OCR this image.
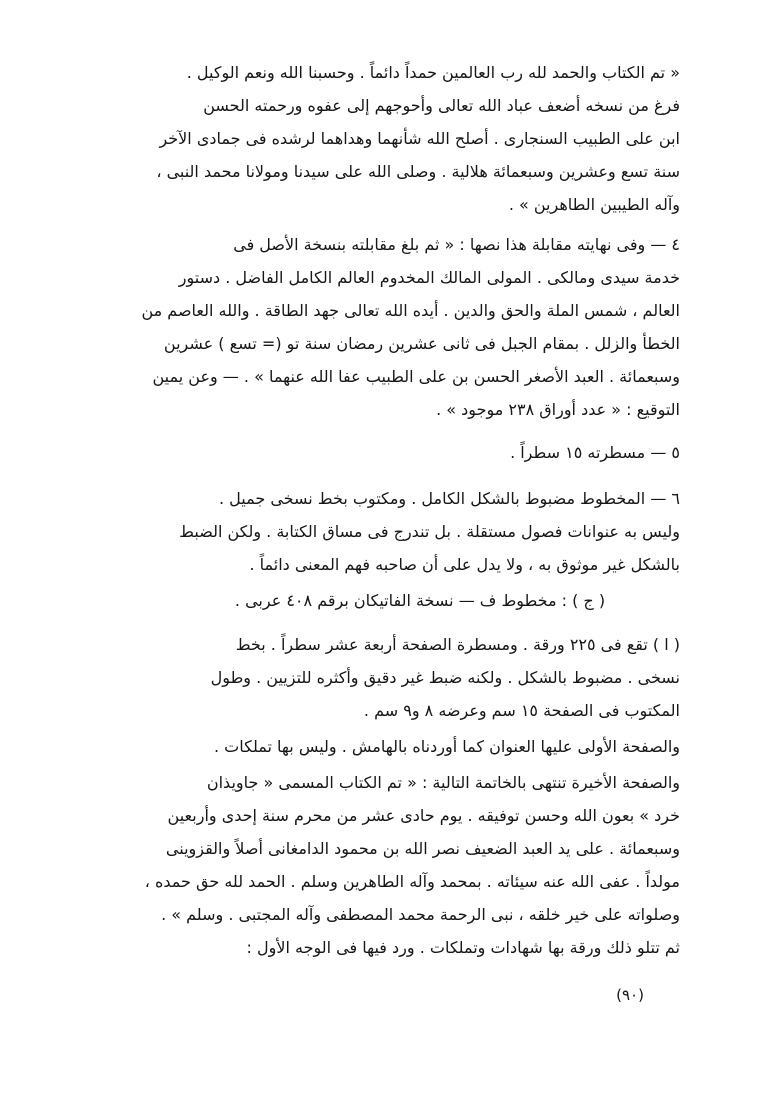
« تم الكتاب والحمد لله رب العالمين حمداً دائماً . وحسبنا الله ونعم الوكيل .
فرغ من نسخه أضعف عباد الله تعالى وأحوجهم إلى عفوه ورحمته الحسن
ابن على الطبيب السنجارى . أصلح الله شأنهما وهداهما لرشده فى جمادى الآخر
سنة تسع وعشرين وسبعمائة هلالية . وصلى الله على سيدنا ومولانا محمد النبى ،
وآله الطيبين الطاهرين » .
٤ — وفى نهايته مقابلة هذا نصها : « ثم بلغ مقابلته بنسخة الأصل فى
خدمة سيدى ومالكى . المولى المالك المخدوم العالم الكامل الفاضل . دستور
العالم ، شمس الملة والحق والدين . أيده الله تعالى جهد الطاقة . والله العاصم من
الخطأ والزلل . بمقام الجبل فى ثانى عشرين رمضان سنة تو (= تسع ) عشرين
وسبعمائة . العبد الأصغر الحسن بن على الطبيب عفا الله عنهما » . — وعن يمين
التوقيع : « عدد أوراق ٢٣٨ موجود » .
٥ — مسطرته ١٥ سطراً .
٦ — المخطوط مضبوط بالشكل الكامل . ومكتوب بخط نسخى جميل .
وليس به عنوانات فصول مستقلة . بل تندرج فى مساق الكتابة . ولكن الضبط
بالشكل غير موثوق به ، ولا يدل على أن صاحبه فهم المعنى دائماً .
( ج ) : مخطوط ف — نسخة الفاتيكان برقم ٤٠٨ عربى .
( ا ) تقع فى ٢٢٥ ورقة . ومسطرة الصفحة أربعة عشر سطراً . بخط
نسخى . مضبوط بالشكل . ولكنه ضبط غير دقيق وأكثره للتزيين . وطول
المكتوب فى الصفحة ١٥ سم وعرضه ٨ و٩ سم .
والصفحة الأولى عليها العنوان كما أوردناه بالهامش . وليس بها تملكات .
والصفحة الأخيرة تنتهى بالخاتمة التالية : « تم الكتاب المسمى « جاويذان
خرد » بعون الله وحسن توفيقه . يوم حادى عشر من محرم سنة إحدى وأربعين
وسبعمائة . على يد العبد الضعيف نصر الله بن محمود الدامغانى أصلاً والقزوينى
مولداً . عفى الله عنه سيئاته . بمحمد وآله الطاهرين وسلم . الحمد لله حق حمده ،
وصلواته على خير خلقه ، نبى الرحمة محمد المصطفى وآله المجتبى . وسلم » .
ثم تتلو ذلك ورقة بها شهادات وتملكات . ورد فيها فى الوجه الأول :
(٩٠)
